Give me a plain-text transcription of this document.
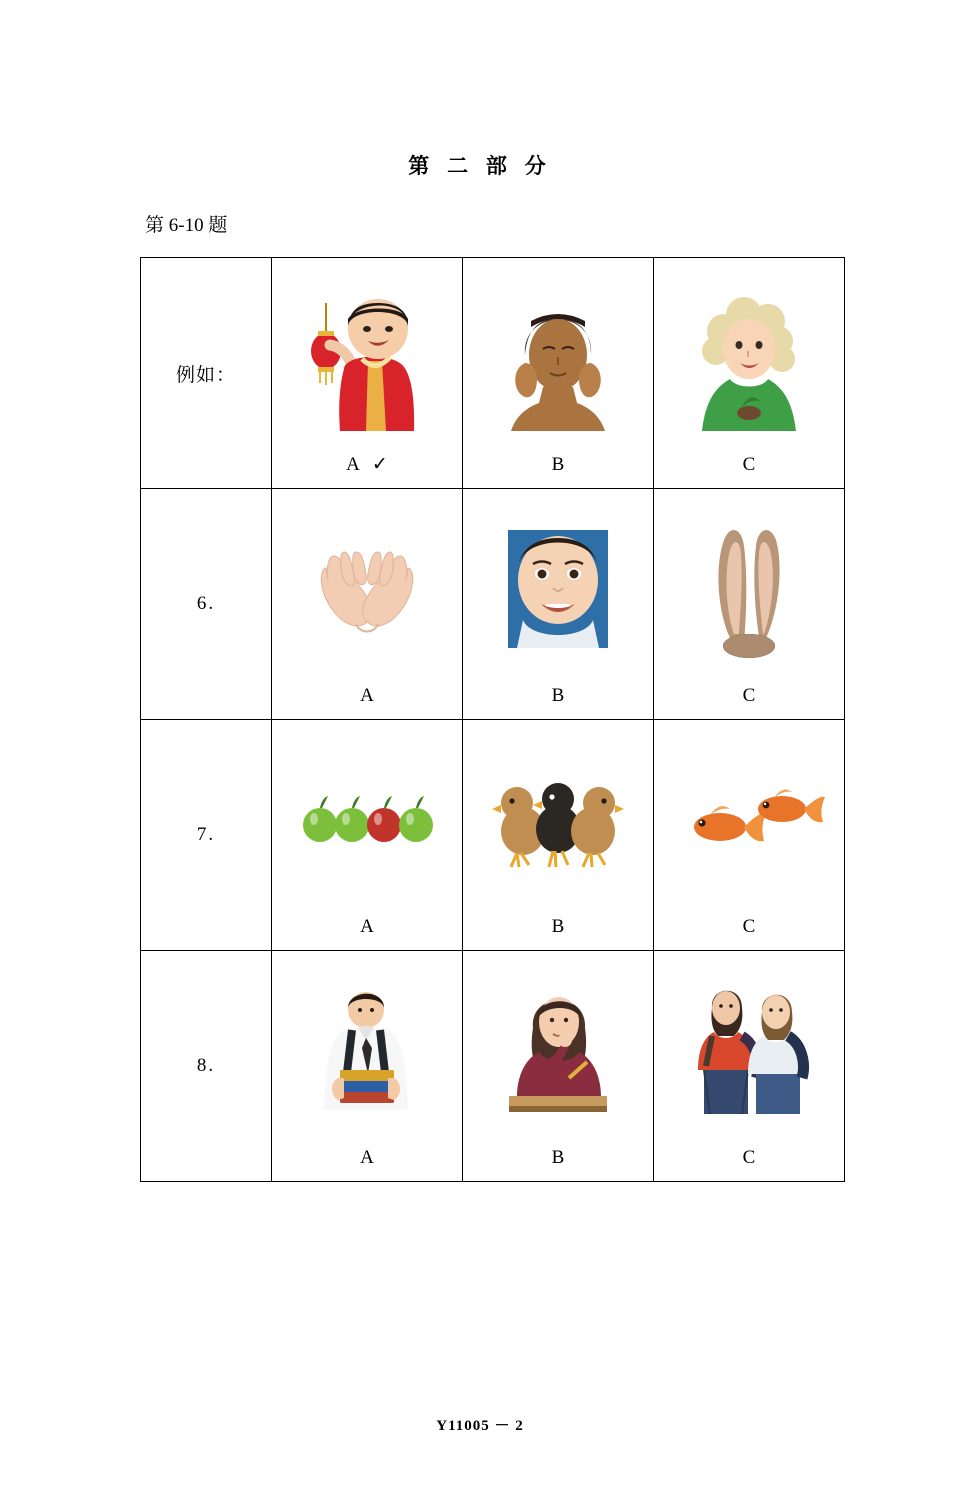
第 二 部 分
第 6-10 题
例如：	A ✓	B	C

6.	A	B	C

7.	A	B	C

8.	A	B	C
Y11005 － 2
